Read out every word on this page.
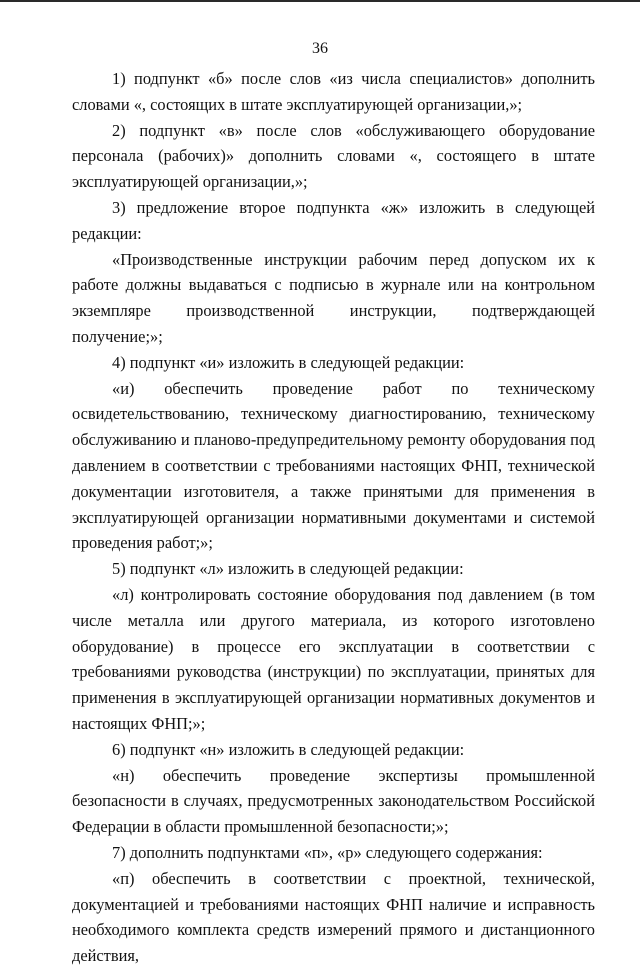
36

1) подпункт «б» после слов «из числа специалистов» дополнить словами «, состоящих в штате эксплуатирующей организации,»;

2) подпункт «в» после слов «обслуживающего оборудование персонала (рабочих)» дополнить словами «, состоящего в штате эксплуатирующей организации,»;

3) предложение второе подпункта «ж» изложить в следующей редакции:

«Производственные инструкции рабочим перед допуском их к работе должны выдаваться с подписью в журнале или на контрольном экземпляре производственной инструкции, подтверждающей получение;»;

4) подпункт «и» изложить в следующей редакции:

«и) обеспечить проведение работ по техническому освидетельствованию, техническому диагностированию, техническому обслуживанию и планово-предупредительному ремонту оборудования под давлением в соответствии с требованиями настоящих ФНП, технической документации изготовителя, а также принятыми для применения в эксплуатирующей организации нормативными документами и системой проведения работ;»;

5) подпункт «л» изложить в следующей редакции:

«л) контролировать состояние оборудования под давлением (в том числе металла или другого материала, из которого изготовлено оборудование) в процессе его эксплуатации в соответствии с требованиями руководства (инструкции) по эксплуатации, принятых для применения в эксплуатирующей организации нормативных документов и настоящих ФНП;»;

6) подпункт «н» изложить в следующей редакции:

«н) обеспечить проведение экспертизы промышленной безопасности в случаях, предусмотренных законодательством Российской Федерации в области промышленной безопасности;»;

7) дополнить подпунктами «п», «р» следующего содержания:

«п) обеспечить в соответствии с проектной, технической, документацией и требованиями настоящих ФНП наличие и исправность необходимого комплекта средств измерений прямого и дистанционного действия,
